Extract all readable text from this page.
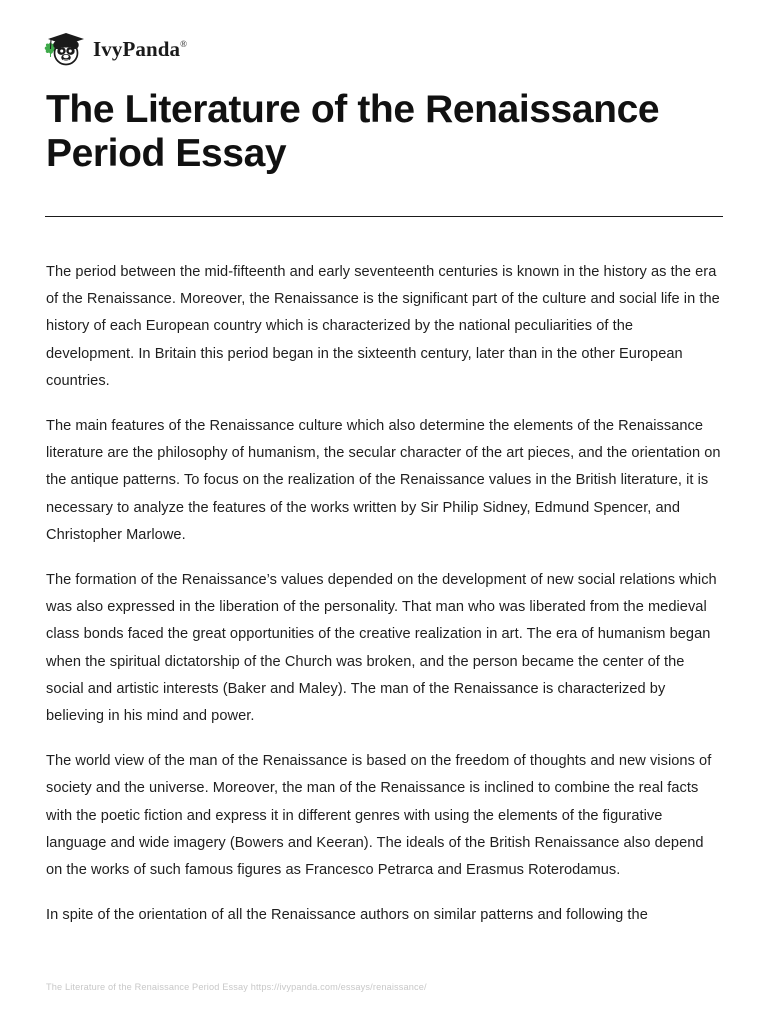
IvyPanda®
The Literature of the Renaissance Period Essay

The period between the mid-fifteenth and early seventeenth centuries is known in the history as the era of the Renaissance. Moreover, the Renaissance is the significant part of the culture and social life in the history of each European country which is characterized by the national peculiarities of the development. In Britain this period began in the sixteenth century, later than in the other European countries.

The main features of the Renaissance culture which also determine the elements of the Renaissance literature are the philosophy of humanism, the secular character of the art pieces, and the orientation on the antique patterns. To focus on the realization of the Renaissance values in the British literature, it is necessary to analyze the features of the works written by Sir Philip Sidney, Edmund Spencer, and Christopher Marlowe.

The formation of the Renaissance’s values depended on the development of new social relations which was also expressed in the liberation of the personality. That man who was liberated from the medieval class bonds faced the great opportunities of the creative realization in art. The era of humanism began when the spiritual dictatorship of the Church was broken, and the person became the center of the social and artistic interests (Baker and Maley). The man of the Renaissance is characterized by believing in his mind and power.

The world view of the man of the Renaissance is based on the freedom of thoughts and new visions of society and the universe. Moreover, the man of the Renaissance is inclined to combine the real facts with the poetic fiction and express it in different genres with using the elements of the figurative language and wide imagery (Bowers and Keeran). The ideals of the British Renaissance also depend on the works of such famous figures as Francesco Petrarca and Erasmus Roterodamus.

In spite of the orientation of all the Renaissance authors on similar patterns and following the

The Literature of the Renaissance Period Essay https://ivypanda.com/essays/renaissance/
